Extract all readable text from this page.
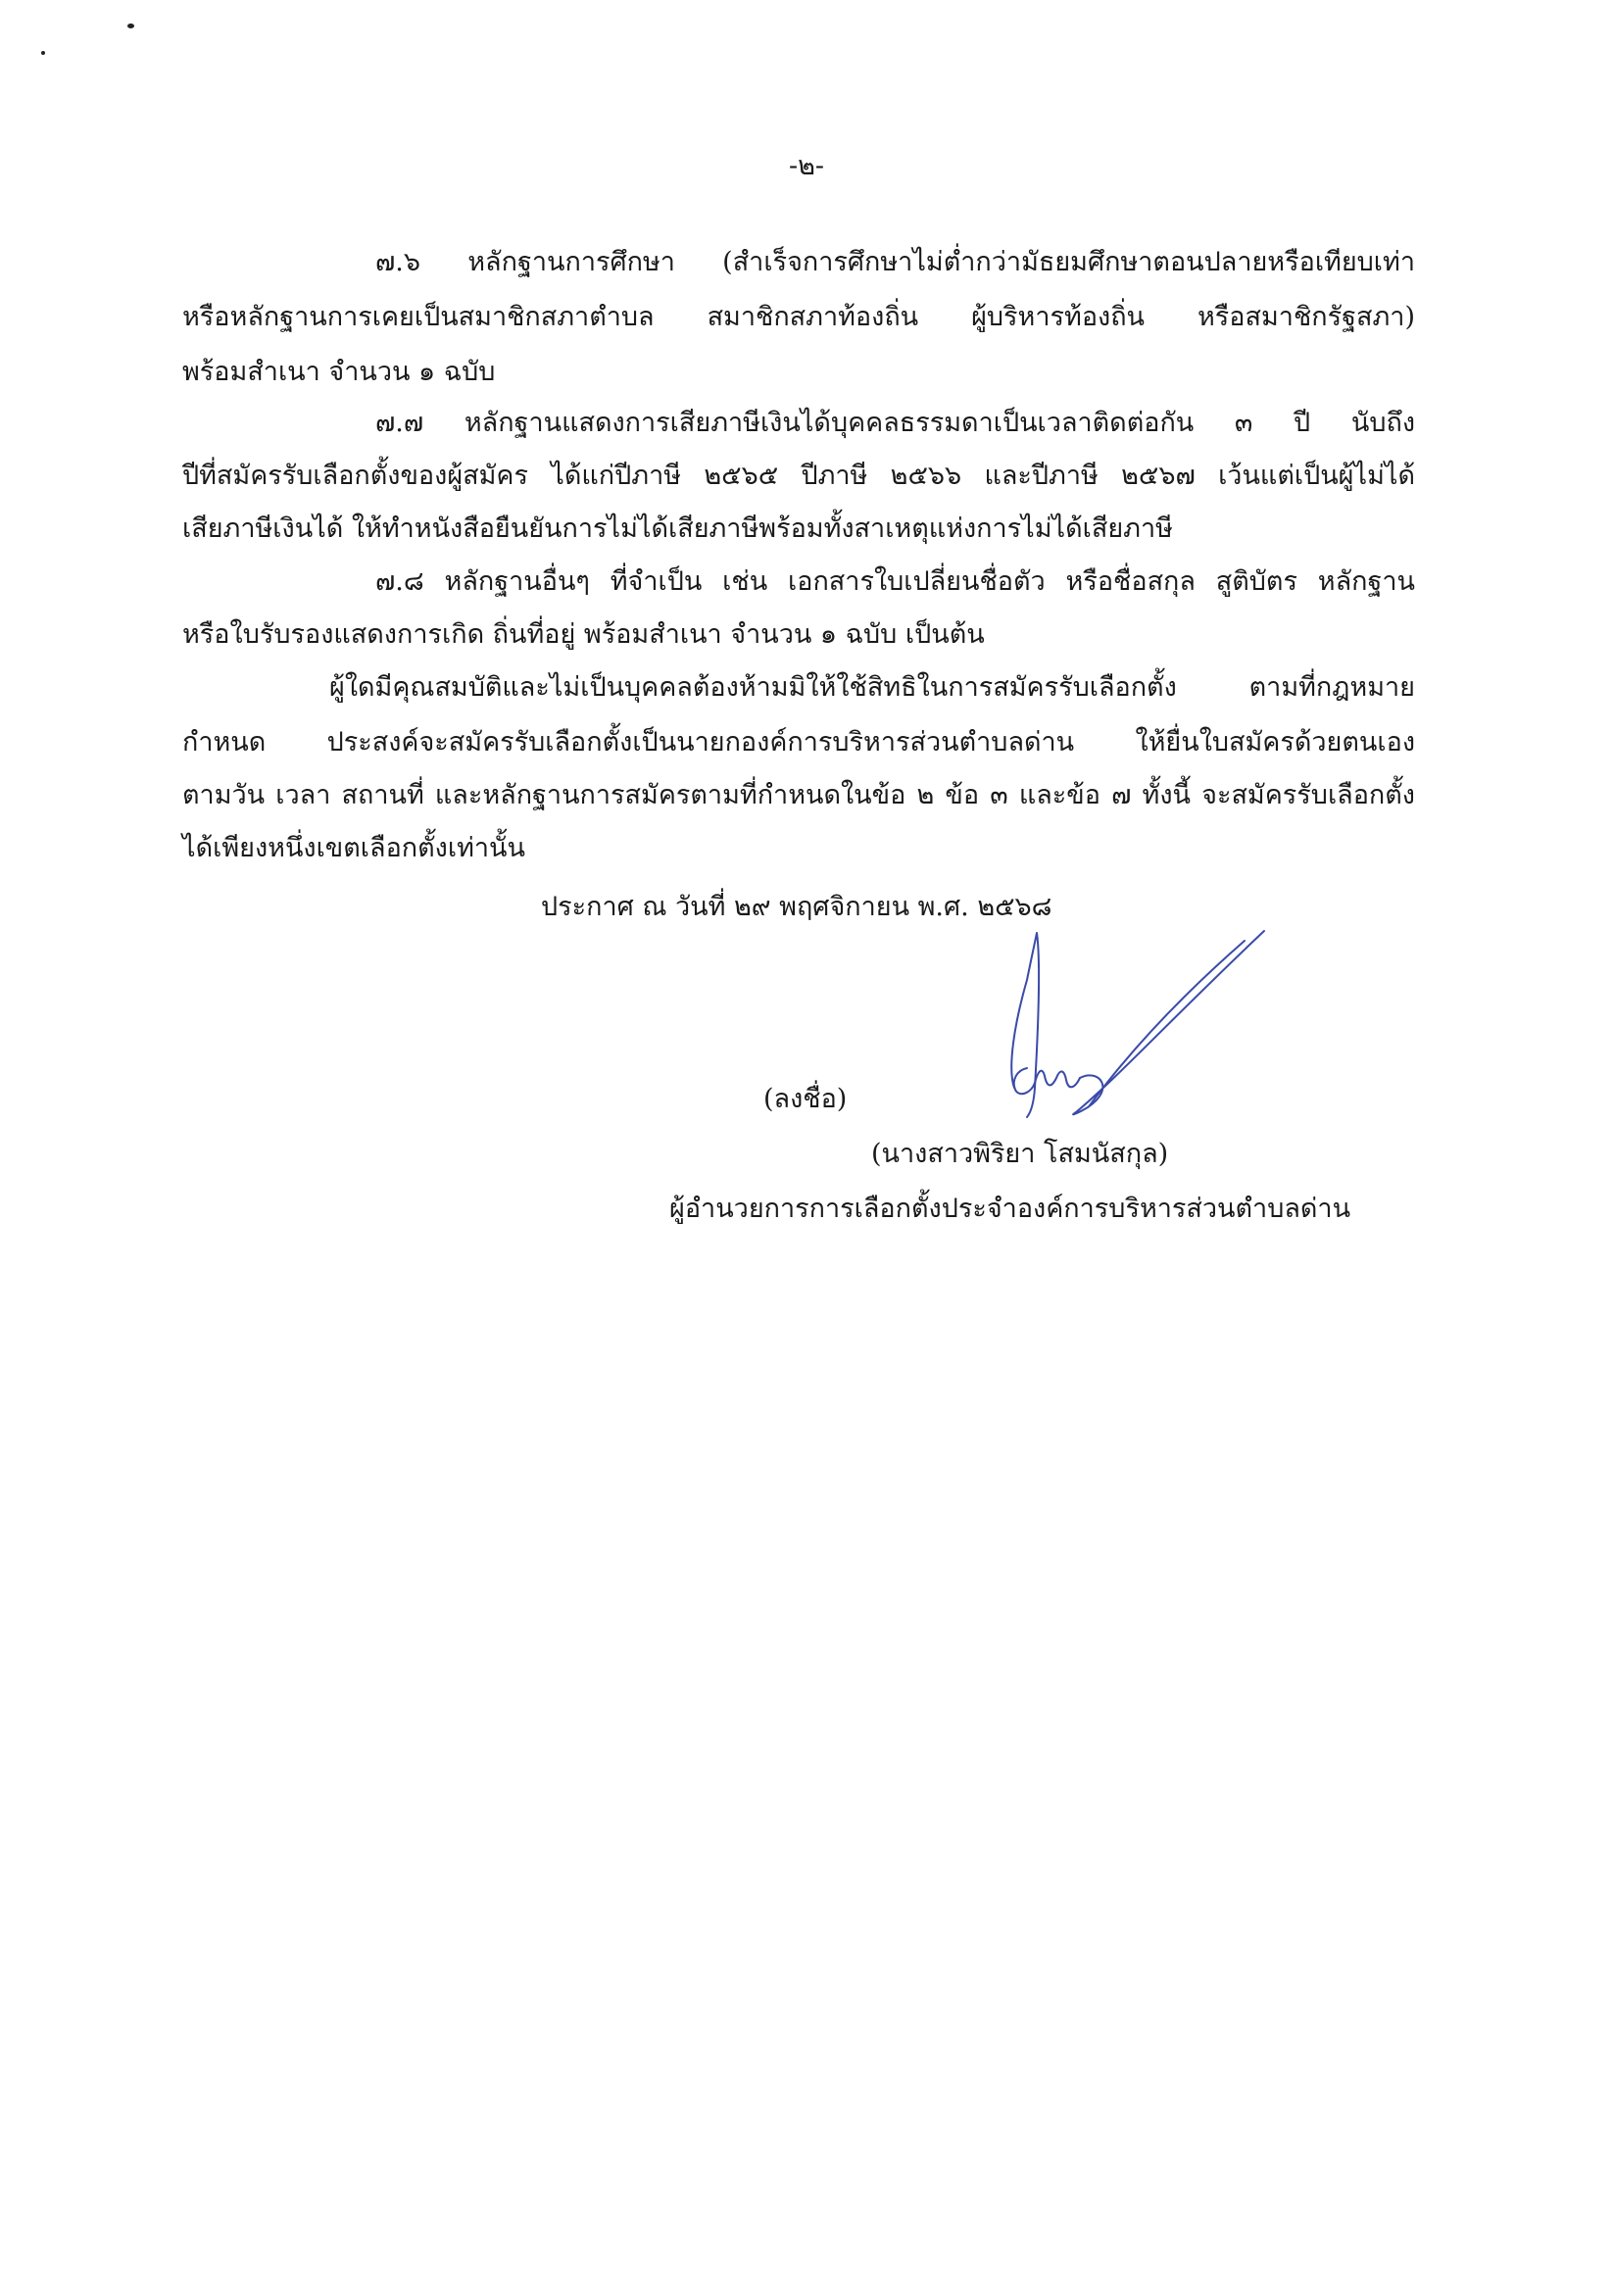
-๒-
๗.๖ หลักฐานการศึกษา (สำเร็จการศึกษาไม่ต่ำกว่ามัธยมศึกษาตอนปลายหรือเทียบเท่า
หรือหลักฐานการเคยเป็นสมาชิกสภาตำบล สมาชิกสภาท้องถิ่น ผู้บริหารท้องถิ่น หรือสมาชิกรัฐสภา)
พร้อมสำเนา จำนวน ๑ ฉบับ
๗.๗ หลักฐานแสดงการเสียภาษีเงินได้บุคคลธรรมดาเป็นเวลาติดต่อกัน ๓ ปี นับถึง
ปีที่สมัครรับเลือกตั้งของผู้สมัคร ได้แก่ปีภาษี ๒๕๖๕ ปีภาษี ๒๕๖๖ และปีภาษี ๒๕๖๗ เว้นแต่เป็นผู้ไม่ได้
เสียภาษีเงินได้ ให้ทำหนังสือยืนยันการไม่ได้เสียภาษีพร้อมทั้งสาเหตุแห่งการไม่ได้เสียภาษี
๗.๘ หลักฐานอื่นๆ ที่จำเป็น เช่น เอกสารใบเปลี่ยนชื่อตัว หรือชื่อสกุล สูติบัตร หลักฐาน
หรือใบรับรองแสดงการเกิด ถิ่นที่อยู่ พร้อมสำเนา จำนวน ๑ ฉบับ เป็นต้น
ผู้ใดมีคุณสมบัติและไม่เป็นบุคคลต้องห้ามมิให้ใช้สิทธิในการสมัครรับเลือกตั้ง ตามที่กฎหมาย
กำหนด ประสงค์จะสมัครรับเลือกตั้งเป็นนายกองค์การบริหารส่วนตำบลด่าน ให้ยื่นใบสมัครด้วยตนเอง
ตามวัน เวลา สถานที่ และหลักฐานการสมัครตามที่กำหนดในข้อ ๒ ข้อ ๓ และข้อ ๗ ทั้งนี้ จะสมัครรับเลือกตั้ง
ได้เพียงหนึ่งเขตเลือกตั้งเท่านั้น
ประกาศ ณ วันที่ ๒๙ พฤศจิกายน พ.ศ. ๒๕๖๘
(ลงชื่อ)
(นางสาวพิริยา โสมนัสกุล)
ผู้อำนวยการการเลือกตั้งประจำองค์การบริหารส่วนตำบลด่าน
